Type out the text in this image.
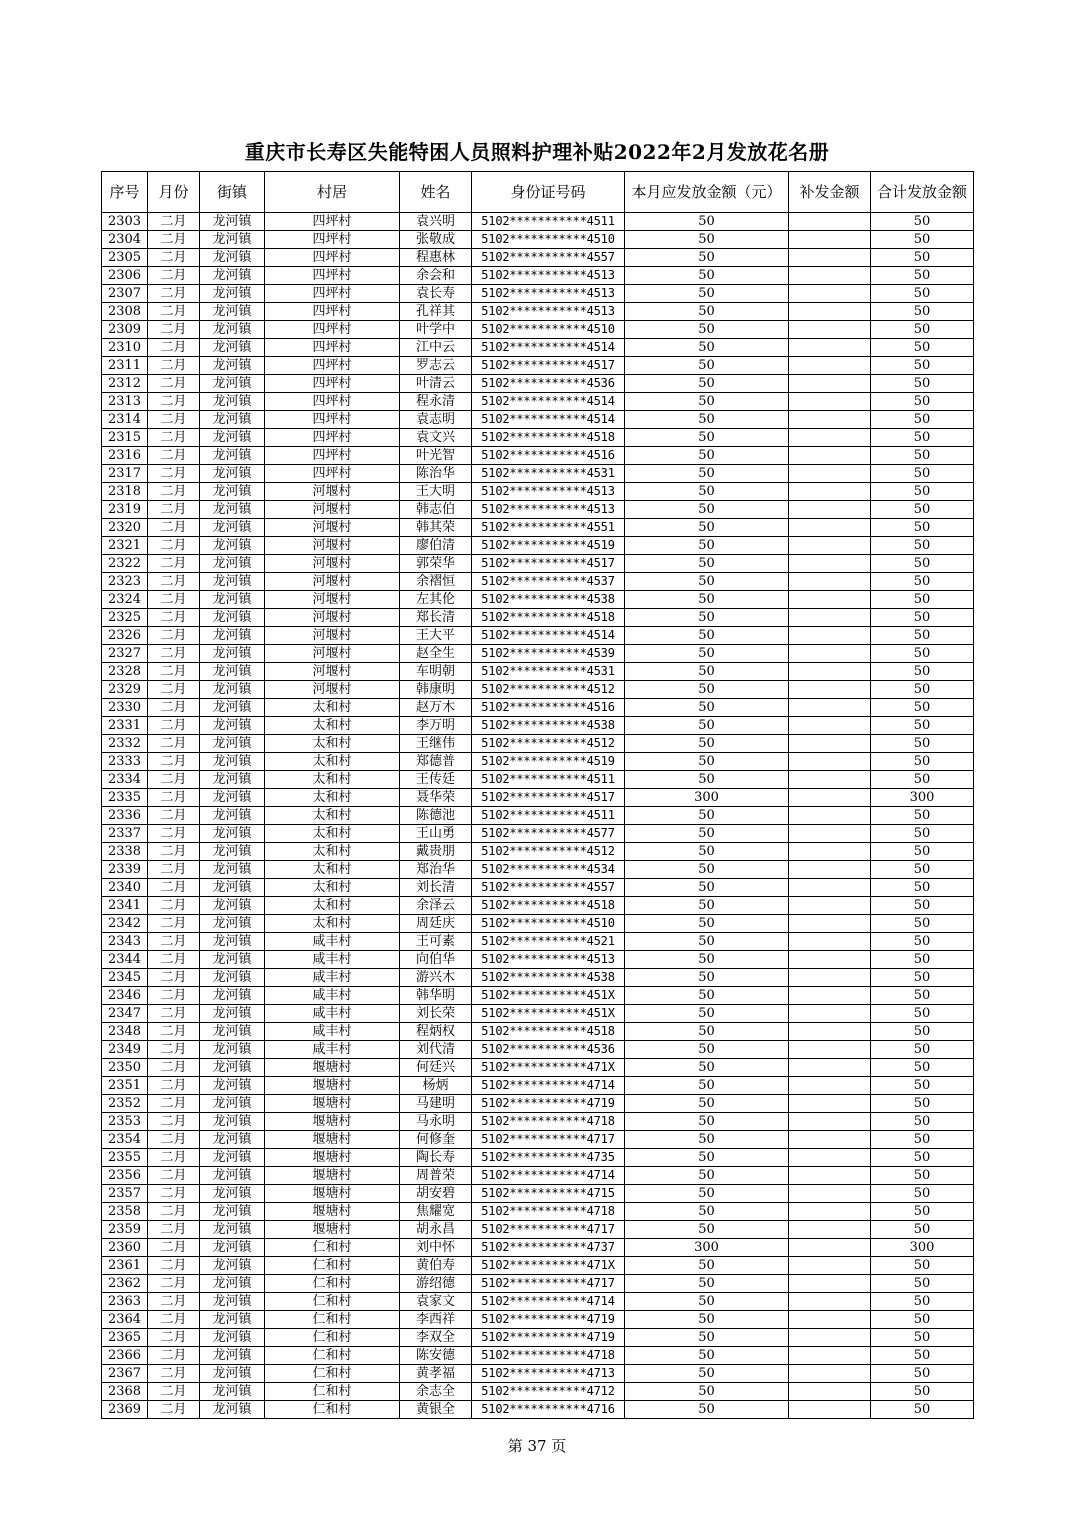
重庆市长寿区失能特困人员照料护理补贴2022年2月发放花名册
序号	月份	街镇	村居	姓名	身份证号码	本月应发放金额（元）	补发金额	合计发放金额
2303	二月	龙河镇	四坪村	袁兴明	5102***********4511	50		50
2304	二月	龙河镇	四坪村	张敬成	5102***********4510	50		50
2305	二月	龙河镇	四坪村	程惠林	5102***********4557	50		50
2306	二月	龙河镇	四坪村	余会和	5102***********4513	50		50
2307	二月	龙河镇	四坪村	袁长寿	5102***********4513	50		50
2308	二月	龙河镇	四坪村	孔祥其	5102***********4513	50		50
2309	二月	龙河镇	四坪村	叶学中	5102***********4510	50		50
2310	二月	龙河镇	四坪村	江中云	5102***********4514	50		50
2311	二月	龙河镇	四坪村	罗志云	5102***********4517	50		50
2312	二月	龙河镇	四坪村	叶清云	5102***********4536	50		50
2313	二月	龙河镇	四坪村	程永清	5102***********4514	50		50
2314	二月	龙河镇	四坪村	袁志明	5102***********4514	50		50
2315	二月	龙河镇	四坪村	袁文兴	5102***********4518	50		50
2316	二月	龙河镇	四坪村	叶光智	5102***********4516	50		50
2317	二月	龙河镇	四坪村	陈治华	5102***********4531	50		50
2318	二月	龙河镇	河堰村	王大明	5102***********4513	50		50
2319	二月	龙河镇	河堰村	韩志伯	5102***********4513	50		50
2320	二月	龙河镇	河堰村	韩其荣	5102***********4551	50		50
2321	二月	龙河镇	河堰村	廖伯清	5102***********4519	50		50
2322	二月	龙河镇	河堰村	郭荣华	5102***********4517	50		50
2323	二月	龙河镇	河堰村	余褶恒	5102***********4537	50		50
2324	二月	龙河镇	河堰村	左其伦	5102***********4538	50		50
2325	二月	龙河镇	河堰村	郑长清	5102***********4518	50		50
2326	二月	龙河镇	河堰村	王大平	5102***********4514	50		50
2327	二月	龙河镇	河堰村	赵全生	5102***********4539	50		50
2328	二月	龙河镇	河堰村	车明朝	5102***********4531	50		50
2329	二月	龙河镇	河堰村	韩康明	5102***********4512	50		50
2330	二月	龙河镇	太和村	赵万木	5102***********4516	50		50
2331	二月	龙河镇	太和村	李万明	5102***********4538	50		50
2332	二月	龙河镇	太和村	王继伟	5102***********4512	50		50
2333	二月	龙河镇	太和村	郑德普	5102***********4519	50		50
2334	二月	龙河镇	太和村	王传廷	5102***********4511	50		50
2335	二月	龙河镇	太和村	聂华荣	5102***********4517	300		300
2336	二月	龙河镇	太和村	陈德池	5102***********4511	50		50
2337	二月	龙河镇	太和村	王山勇	5102***********4577	50		50
2338	二月	龙河镇	太和村	戴贵朋	5102***********4512	50		50
2339	二月	龙河镇	太和村	郑治华	5102***********4534	50		50
2340	二月	龙河镇	太和村	刘长清	5102***********4557	50		50
2341	二月	龙河镇	太和村	余泽云	5102***********4518	50		50
2342	二月	龙河镇	太和村	周廷庆	5102***********4510	50		50
2343	二月	龙河镇	咸丰村	王可素	5102***********4521	50		50
2344	二月	龙河镇	咸丰村	向伯华	5102***********4513	50		50
2345	二月	龙河镇	咸丰村	游兴木	5102***********4538	50		50
2346	二月	龙河镇	咸丰村	韩华明	5102***********451X	50		50
2347	二月	龙河镇	咸丰村	刘长荣	5102***********451X	50		50
2348	二月	龙河镇	咸丰村	程炳权	5102***********4518	50		50
2349	二月	龙河镇	咸丰村	刘代清	5102***********4536	50		50
2350	二月	龙河镇	堰塘村	何廷兴	5102***********471X	50		50
2351	二月	龙河镇	堰塘村	杨炳	5102***********4714	50		50
2352	二月	龙河镇	堰塘村	马建明	5102***********4719	50		50
2353	二月	龙河镇	堰塘村	马永明	5102***********4718	50		50
2354	二月	龙河镇	堰塘村	何修奎	5102***********4717	50		50
2355	二月	龙河镇	堰塘村	陶长寿	5102***********4735	50		50
2356	二月	龙河镇	堰塘村	周普荣	5102***********4714	50		50
2357	二月	龙河镇	堰塘村	胡安碧	5102***********4715	50		50
2358	二月	龙河镇	堰塘村	焦耀宽	5102***********4718	50		50
2359	二月	龙河镇	堰塘村	胡永昌	5102***********4717	50		50
2360	二月	龙河镇	仁和村	刘中怀	5102***********4737	300		300
2361	二月	龙河镇	仁和村	黄伯寿	5102***********471X	50		50
2362	二月	龙河镇	仁和村	游绍德	5102***********4717	50		50
2363	二月	龙河镇	仁和村	袁家文	5102***********4714	50		50
2364	二月	龙河镇	仁和村	李西祥	5102***********4719	50		50
2365	二月	龙河镇	仁和村	李双全	5102***********4719	50		50
2366	二月	龙河镇	仁和村	陈安德	5102***********4718	50		50
2367	二月	龙河镇	仁和村	黄孝福	5102***********4713	50		50
2368	二月	龙河镇	仁和村	余志全	5102***********4712	50		50
2369	二月	龙河镇	仁和村	黄银全	5102***********4716	50		50
第 37 页
